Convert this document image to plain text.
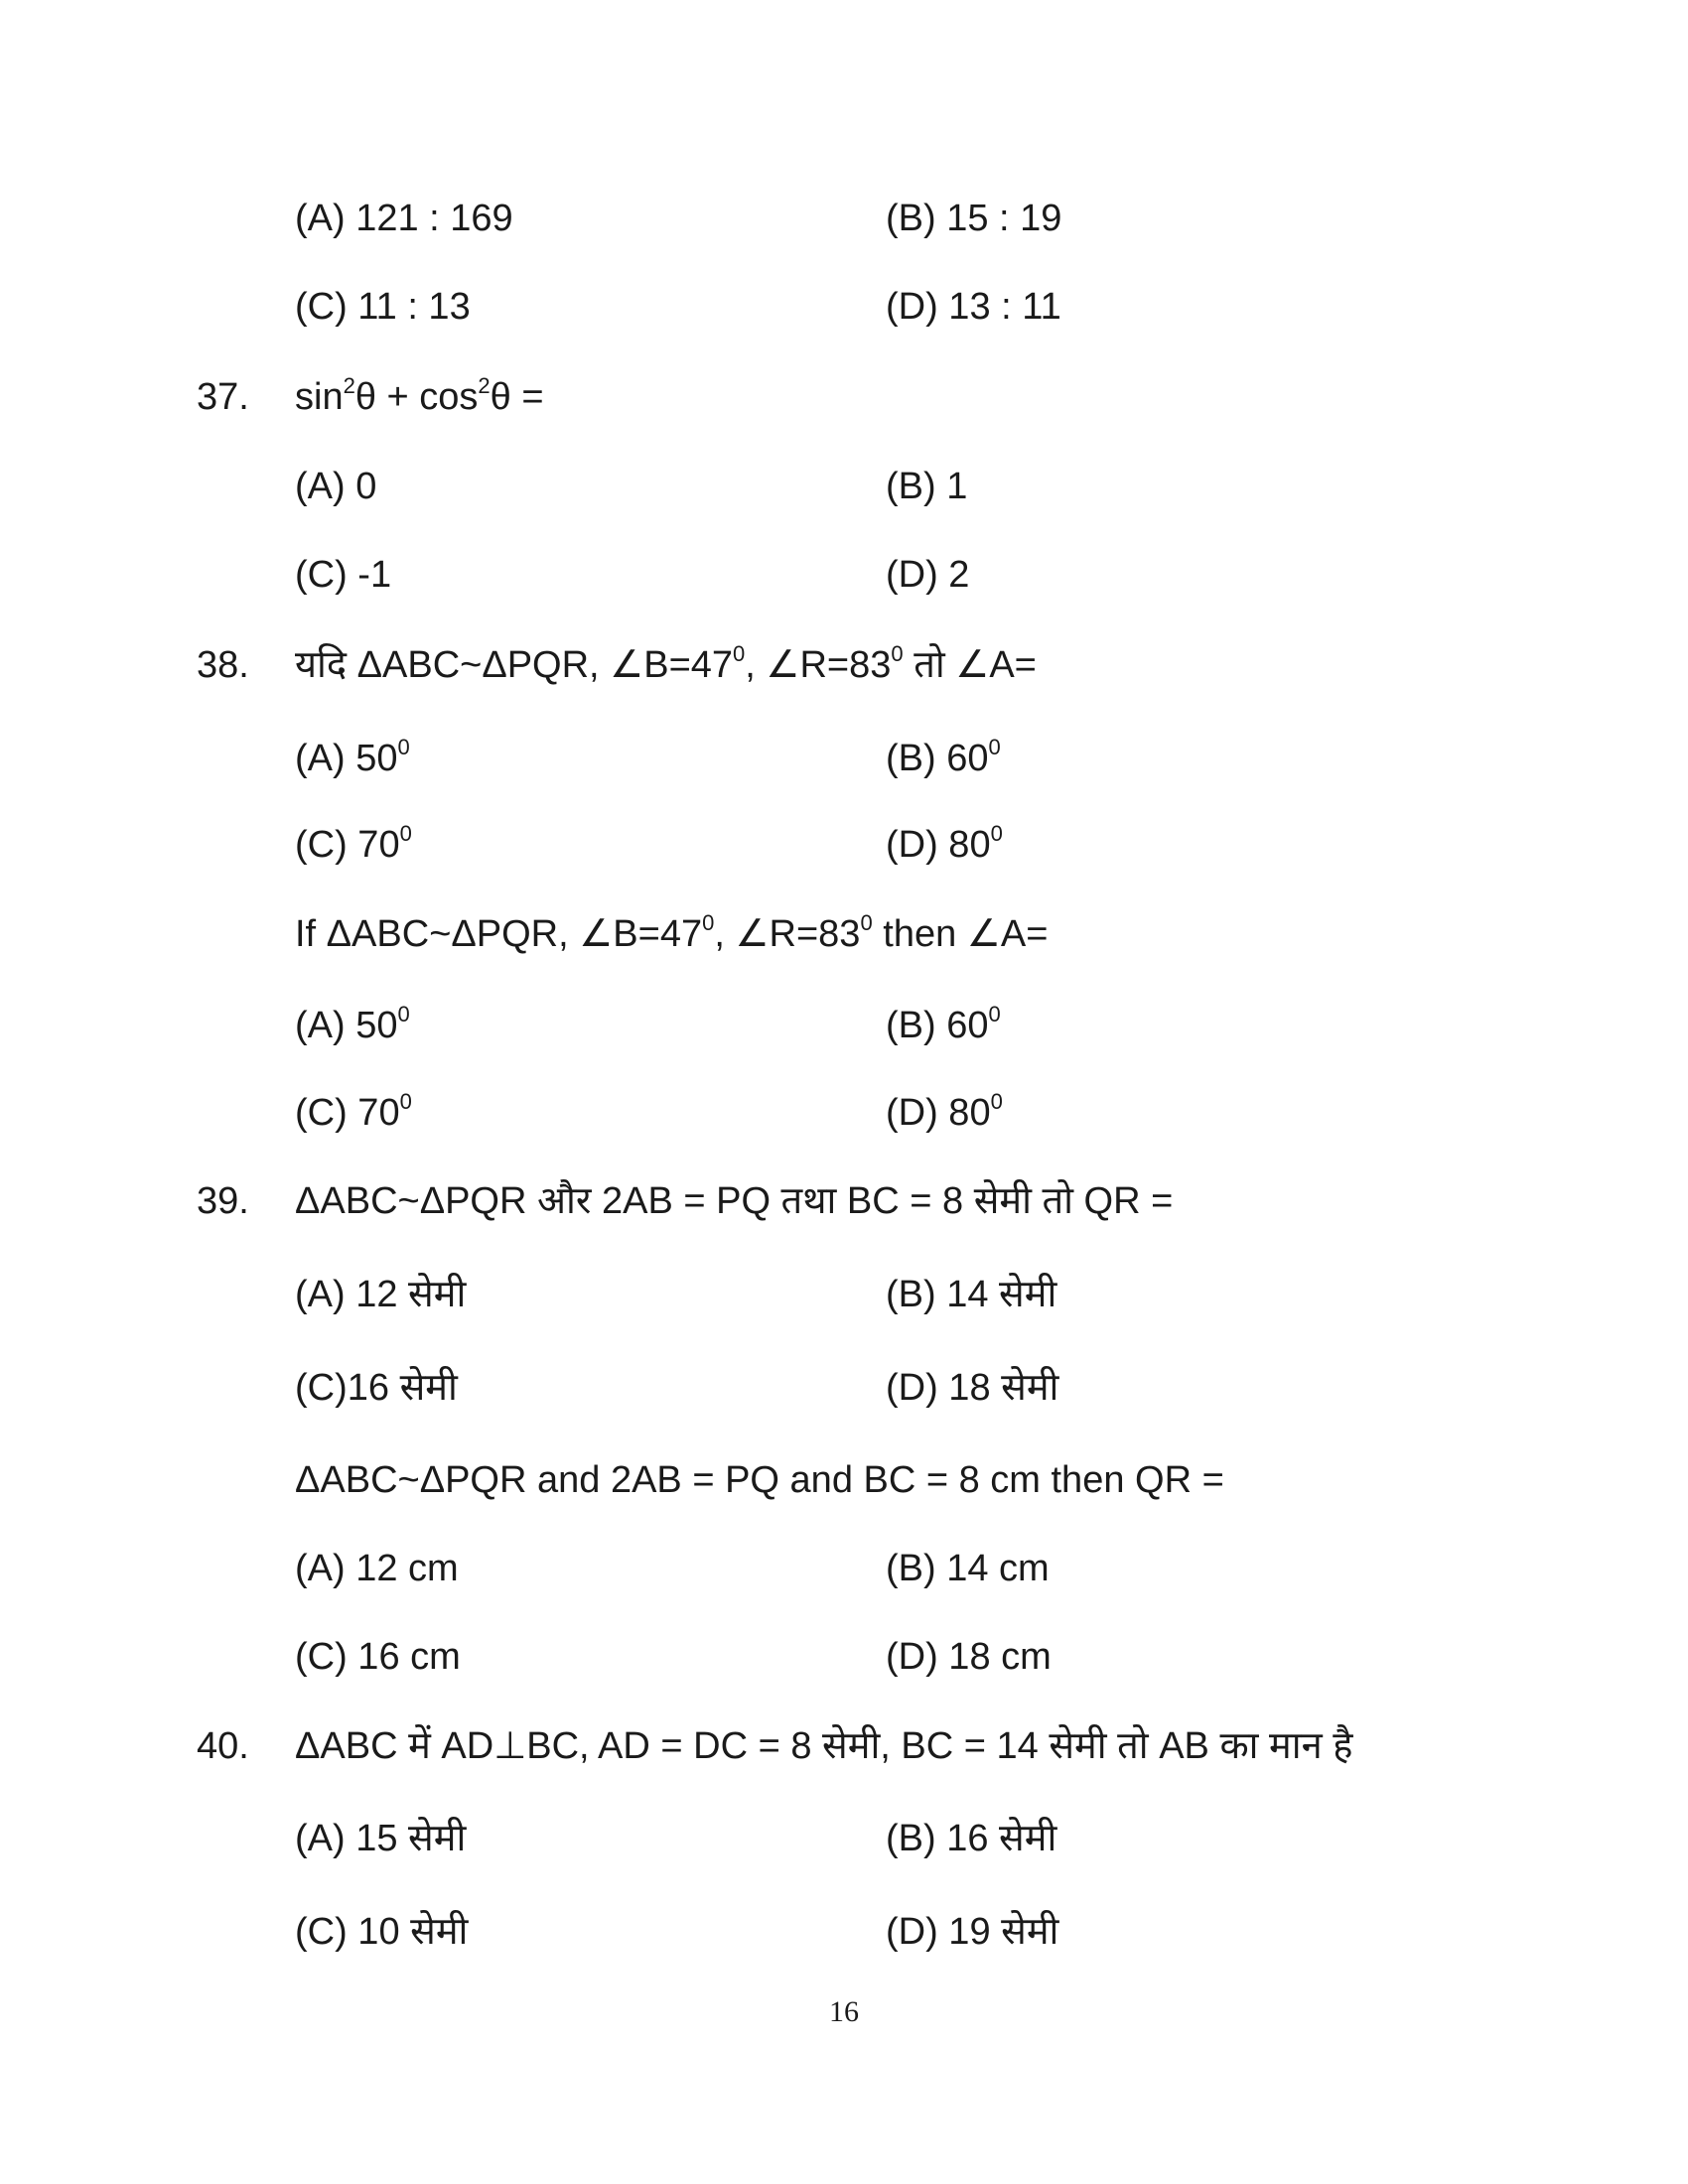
(A) 121 : 169	(B) 15 : 19
(C) 11 : 13	(D) 13 : 11
37. $\sin^2\theta + \cos^2\theta$ =
(A) 0	(B) 1
(C) -1	(D) 2
38. यदि ΔABC~ΔPQR, $\angle B=47^0$, $\angle R=83^0$ तो ∠A=
(A) $50^0$	(B) $60^0$
(C) $70^0$	(D) $80^0$
If ΔABC~ΔPQR, $\angle B=47^0$, $\angle R=83^0$ then ∠A=
(A) $50^0$	(B) $60^0$
(C) $70^0$	(D) $80^0$
39. ΔABC~ΔPQR और 2AB = PQ तथा BC = 8 सेमी तो QR =
(A) 12 सेमी	(B) 14 सेमी
(C)16 सेमी	(D) 18 सेमी
ΔABC~ΔPQR and 2AB = PQ and BC = 8 cm then QR =
(A) 12 cm	(B) 14 cm
(C) 16 cm	(D) 18 cm
40. ΔABC में AD⊥BC, AD = DC = 8 सेमी, BC = 14 सेमी तो AB का मान है
(A) 15 सेमी	(B) 16 सेमी
(C) 10 सेमी	(D) 19 सेमी
16
